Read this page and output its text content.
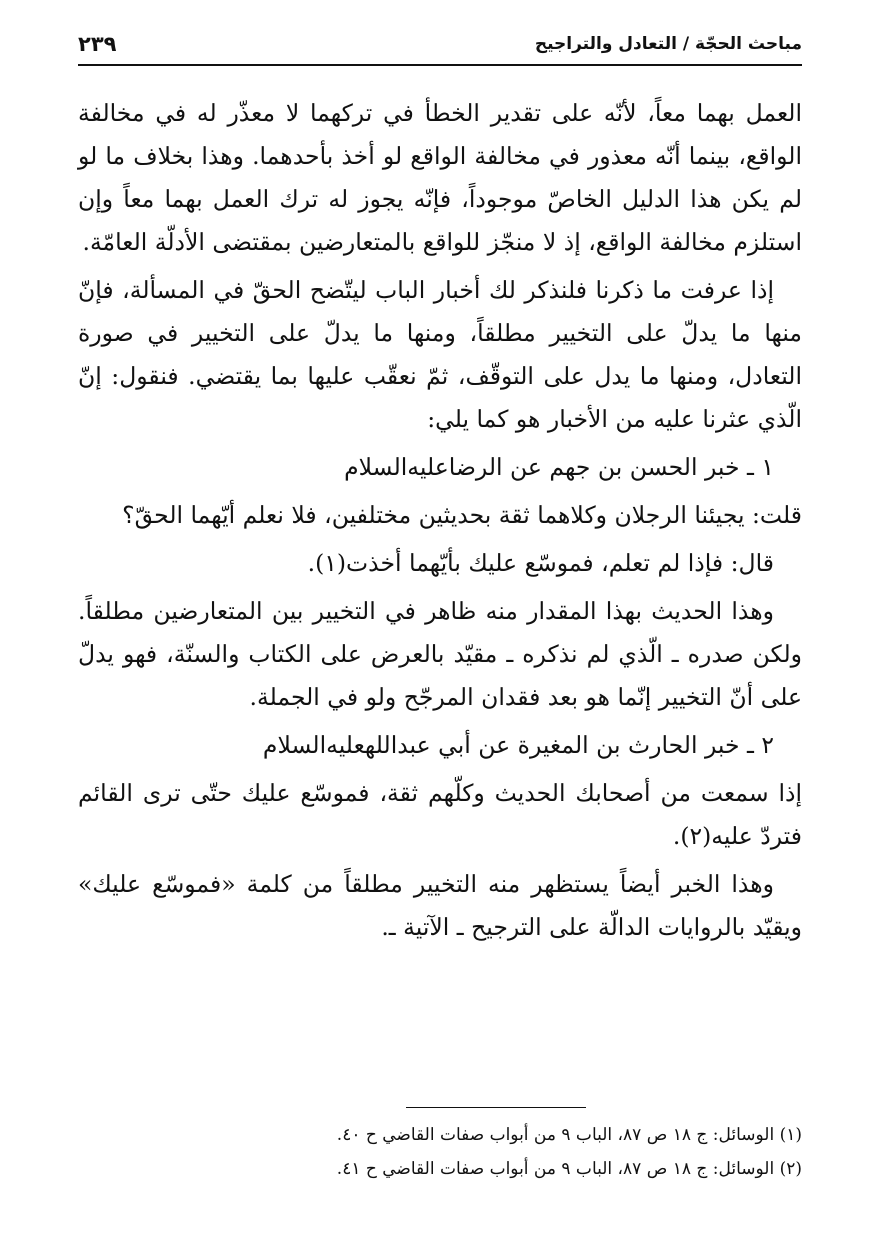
مباحث الحجّة / التعادل والتراجيح
٢٣٩

العمل بهما معاً، لأنّه على تقدير الخطأ في تركهما لا معذّر له في مخالفة الواقع، بينما أنّه معذور في مخالفة الواقع لو أخذ بأحدهما. وهذا بخلاف ما لو لم يكن هذا الدليل الخاصّ موجوداً، فإنّه يجوز له ترك العمل بهما معاً وإن استلزم مخالفة الواقع، إذ لا منجّز للواقع بالمتعارضين بمقتضى الأدلّة العامّة.

إذا عرفت ما ذكرنا فلنذكر لك أخبار الباب ليتّضح الحقّ في المسألة، فإنّ منها ما يدلّ على التخيير مطلقاً، ومنها ما يدلّ على التخيير في صورة التعادل، ومنها ما يدل على التوقّف، ثمّ نعقّب عليها بما يقتضي. فنقول: إنّ الّذي عثرنا عليه من الأخبار هو كما يلي:

١ ـ خبر الحسن بن جهم عن الرضاعليه‌السلام

قلت: يجيئنا الرجلان وكلاهما ثقة بحديثين مختلفين، فلا نعلم أيّهما الحقّ؟

قال: فإذا لم تعلم، فموسّع عليك بأيّهما أخذت(١).

وهذا الحديث بهذا المقدار منه ظاهر في التخيير بين المتعارضين مطلقاً. ولكن صدره ـ الّذي لم نذكره ـ مقيّد بالعرض على الكتاب والسنّة، فهو يدلّ على أنّ التخيير إنّما هو بعد فقدان المرجّح ولو في الجملة.

٢ ـ خبر الحارث بن المغيرة عن أبي عبداللهعليه‌السلام

إذا سمعت من أصحابك الحديث وكلّهم ثقة، فموسّع عليك حتّى ترى القائم فتردّ عليه(٢).

وهذا الخبر أيضاً يستظهر منه التخيير مطلقاً من كلمة «فموسّع عليك» ويقيّد بالروايات الدالّة على الترجيح ـ الآتية ـ.

(١) الوسائل: ج ١٨ ص ٨٧، الباب ٩ من أبواب صفات القاضي ح ٤٠.
(٢) الوسائل: ج ١٨ ص ٨٧، الباب ٩ من أبواب صفات القاضي ح ٤١.
